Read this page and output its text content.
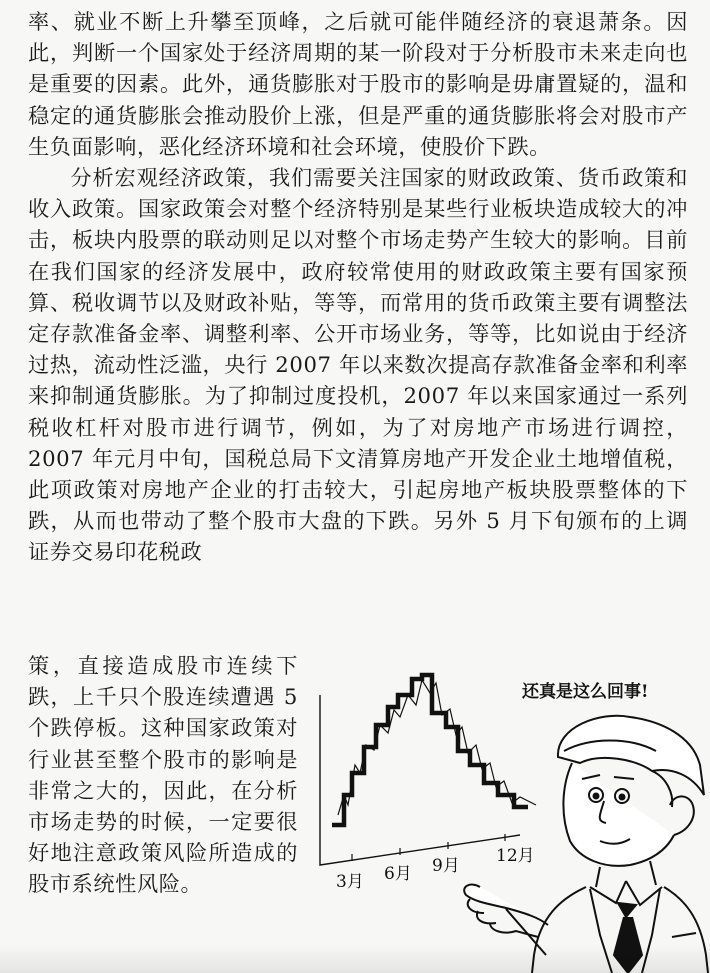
率、就业不断上升攀至顶峰，之后就可能伴随经济的衰退萧条。因此，判断一个国家处于经济周期的某一阶段对于分析股市未来走向也是重要的因素。此外，通货膨胀对于股市的影响是毋庸置疑的，温和稳定的通货膨胀会推动股价上涨，但是严重的通货膨胀将会对股市产生负面影响，恶化经济环境和社会环境，使股价下跌。

分析宏观经济政策，我们需要关注国家的财政政策、货币政策和收入政策。国家政策会对整个经济特别是某些行业板块造成较大的冲击，板块内股票的联动则足以对整个市场走势产生较大的影响。目前在我们国家的经济发展中，政府较常使用的财政政策主要有国家预算、税收调节以及财政补贴，等等，而常用的货币政策主要有调整法定存款准备金率、调整利率、公开市场业务，等等，比如说由于经济过热，流动性泛滥，央行 2007 年以来数次提高存款准备金率和利率来抑制通货膨胀。为了抑制过度投机，2007 年以来国家通过一系列税收杠杆对股市进行调节，例如，为了对房地产市场进行调控，2007 年元月中旬，国税总局下文清算房地产开发企业土地增值税，此项政策对房地产企业的打击较大，引起房地产板块股票整体的下跌，从而也带动了整个股市大盘的下跌。另外 5 月下旬颁布的上调证券交易印花税政

策，直接造成股市连续下跌，上千只个股连续遭遇 5 个跌停板。这种国家政策对行业甚至整个股市的影响是非常之大的，因此，在分析市场走势的时候，一定要很好地注意政策风险所造成的股市系统性风险。	3月 6月 9月 12月
还真是这么回事!
